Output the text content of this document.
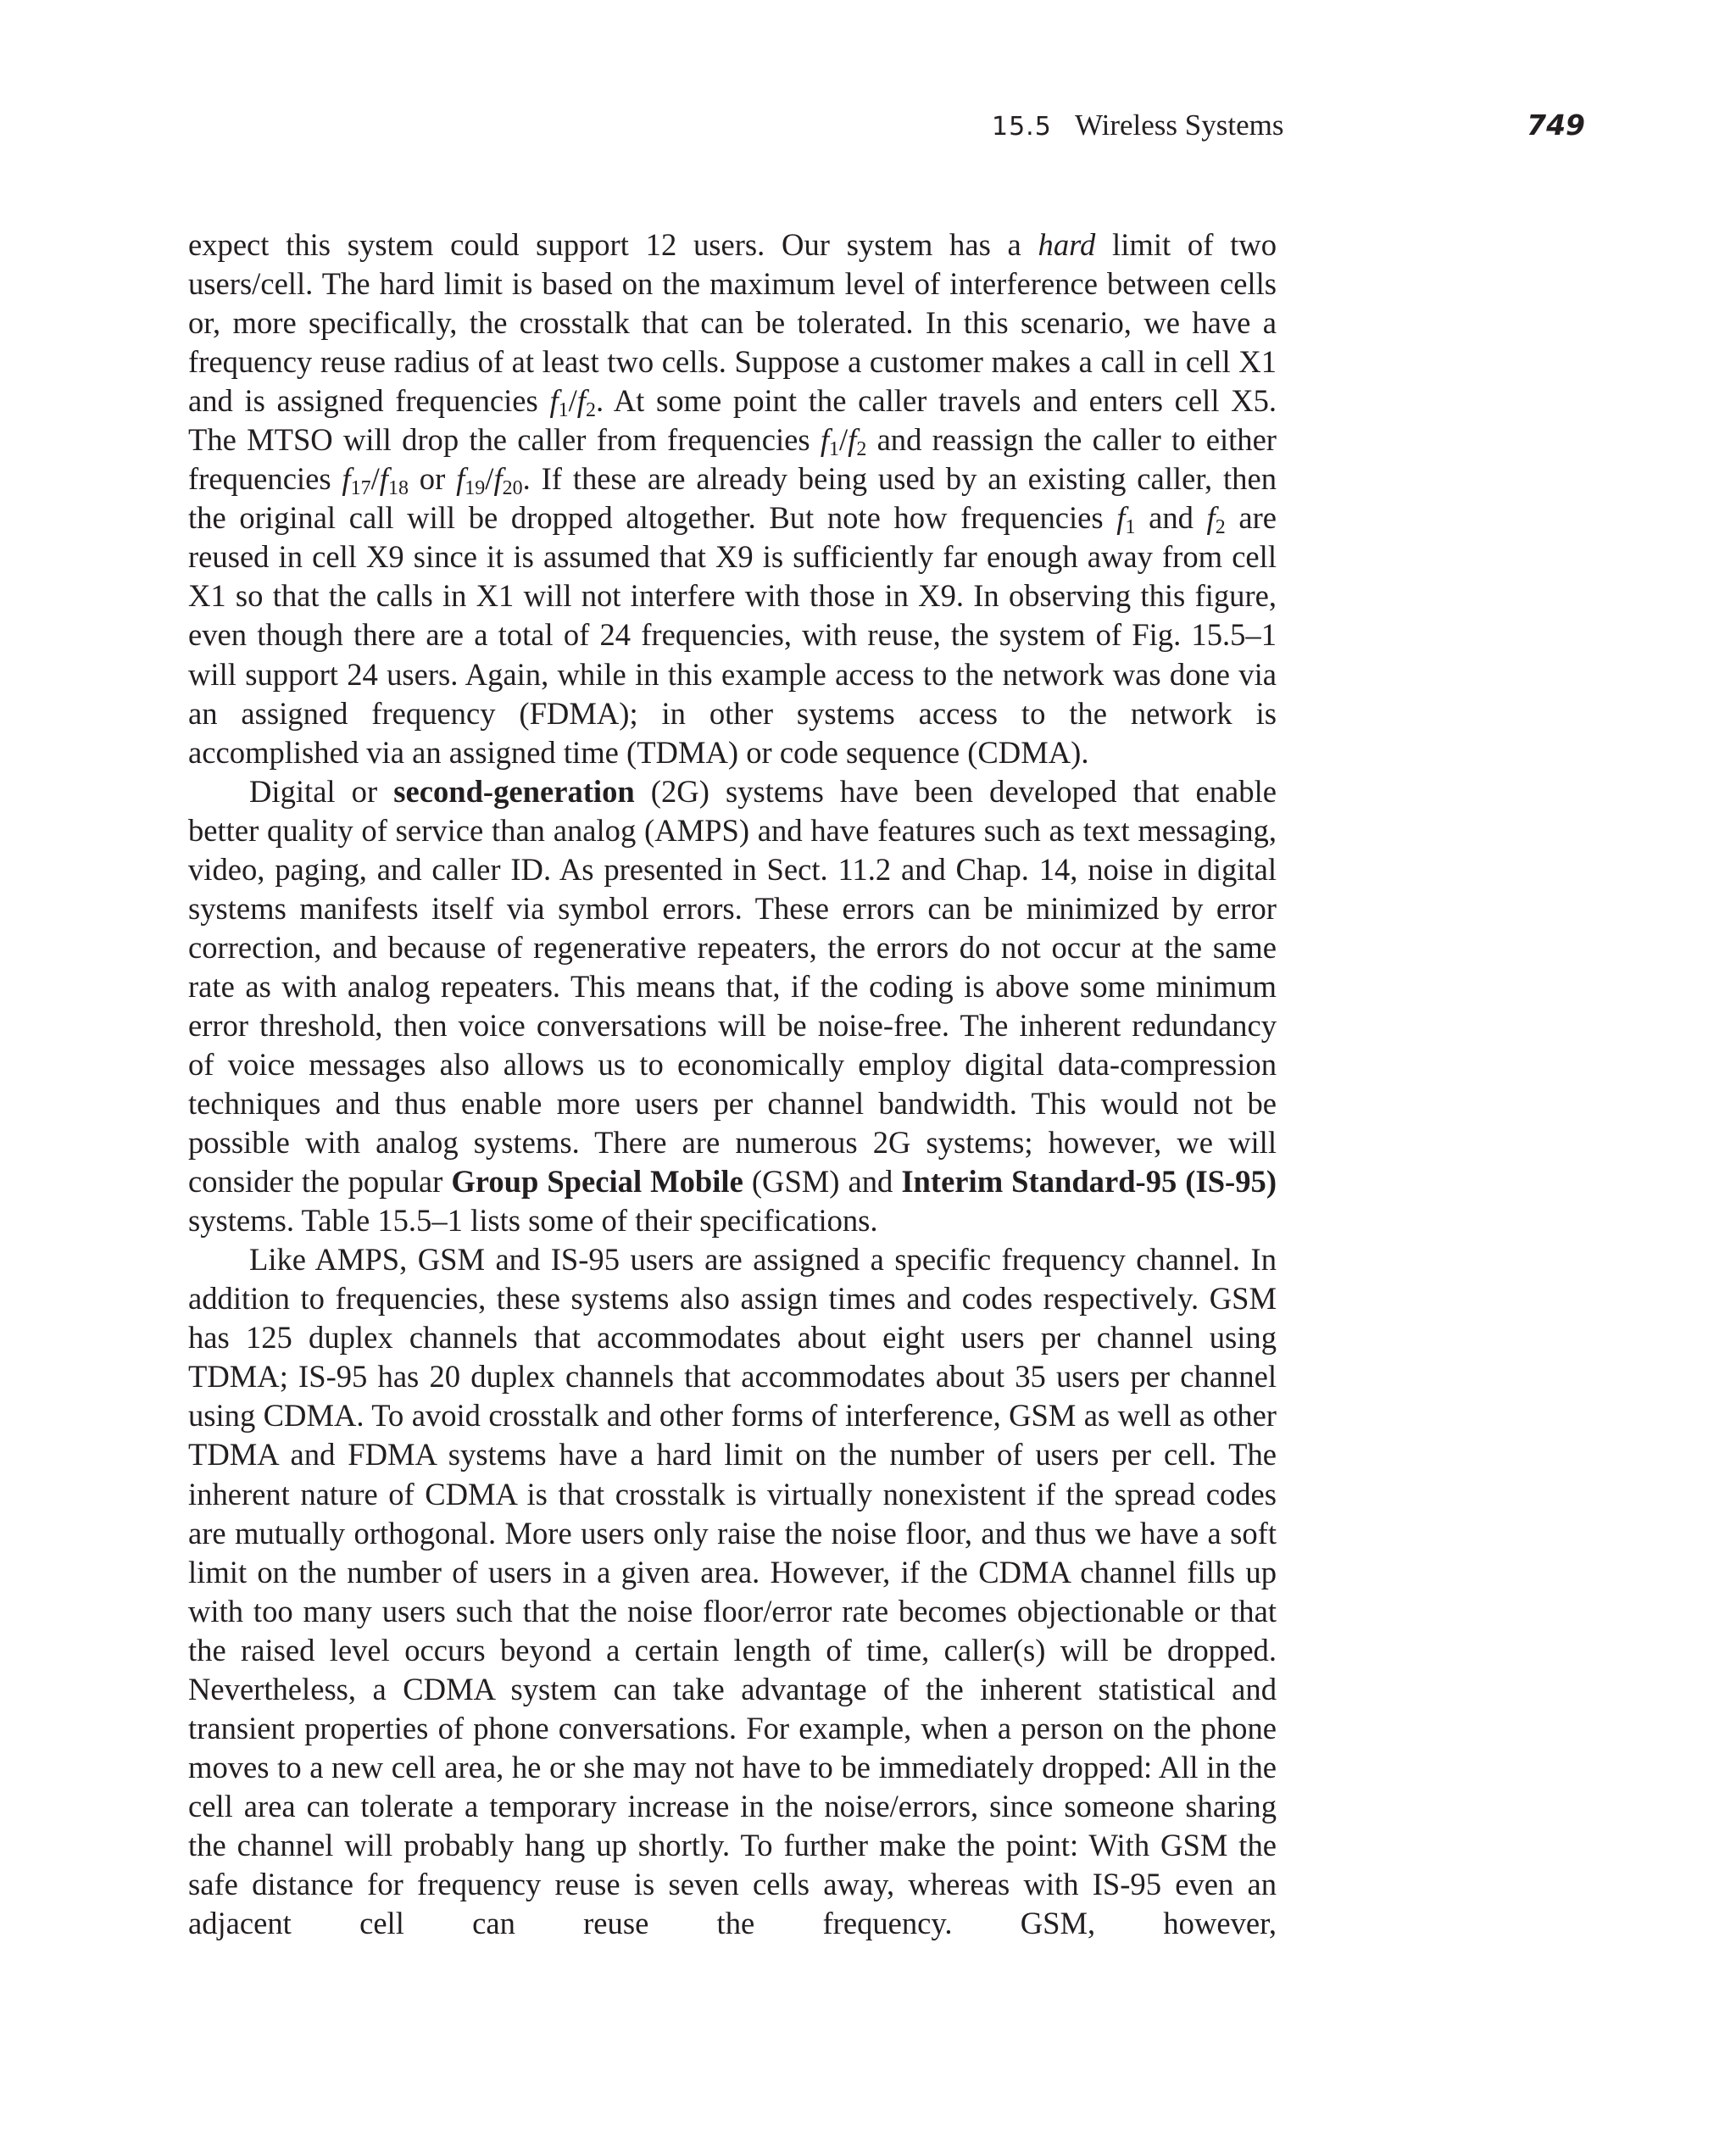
15.5 Wireless Systems	749

expect this system could support 12 users. Our system has a hard limit of two users/cell. The hard limit is based on the maximum level of interference between cells or, more specifically, the crosstalk that can be tolerated. In this scenario, we have a frequency reuse radius of at least two cells. Suppose a customer makes a call in cell X1 and is assigned frequencies $f_1/f_2$. At some point the caller travels and enters cell X5. The MTSO will drop the caller from frequencies $f_1/f_2$ and reassign the caller to either frequencies $f_{17}/f_{18}$ or $f_{19}/f_{20}$. If these are already being used by an existing caller, then the original call will be dropped altogether. But note how frequencies $f_1$ and $f_2$ are reused in cell X9 since it is assumed that X9 is sufficiently far enough away from cell X1 so that the calls in X1 will not interfere with those in X9. In observing this figure, even though there are a total of 24 frequencies, with reuse, the system of Fig. 15.5–1 will support 24 users. Again, while in this example access to the network was done via an assigned frequency (FDMA); in other systems access to the network is accomplished via an assigned time (TDMA) or code sequence (CDMA).

Digital or second-generation (2G) systems have been developed that enable better quality of service than analog (AMPS) and have features such as text messaging, video, paging, and caller ID. As presented in Sect. 11.2 and Chap. 14, noise in digital systems manifests itself via symbol errors. These errors can be minimized by error correction, and because of regenerative repeaters, the errors do not occur at the same rate as with analog repeaters. This means that, if the coding is above some minimum error threshold, then voice conversations will be noise-free. The inherent redundancy of voice messages also allows us to economically employ digital data-compression techniques and thus enable more users per channel bandwidth. This would not be possible with analog systems. There are numerous 2G systems; however, we will consider the popular Group Special Mobile (GSM) and Interim Standard-95 (IS-95) systems. Table 15.5–1 lists some of their specifications.

Like AMPS, GSM and IS-95 users are assigned a specific frequency channel. In addition to frequencies, these systems also assign times and codes respectively. GSM has 125 duplex channels that accommodates about eight users per channel using TDMA; IS-95 has 20 duplex channels that accommodates about 35 users per channel using CDMA. To avoid crosstalk and other forms of interference, GSM as well as other TDMA and FDMA systems have a hard limit on the number of users per cell. The inherent nature of CDMA is that crosstalk is virtually nonexistent if the spread codes are mutually orthogonal. More users only raise the noise floor, and thus we have a soft limit on the number of users in a given area. However, if the CDMA channel fills up with too many users such that the noise floor/error rate becomes objectionable or that the raised level occurs beyond a certain length of time, caller(s) will be dropped. Nevertheless, a CDMA system can take advantage of the inherent statistical and transient properties of phone conversations. For example, when a person on the phone moves to a new cell area, he or she may not have to be immediately dropped: All in the cell area can tolerate a temporary increase in the noise/errors, since someone sharing the channel will probably hang up shortly. To further make the point: With GSM the safe distance for frequency reuse is seven cells away, whereas with IS-95 even an adjacent cell can reuse the frequency. GSM, however,
